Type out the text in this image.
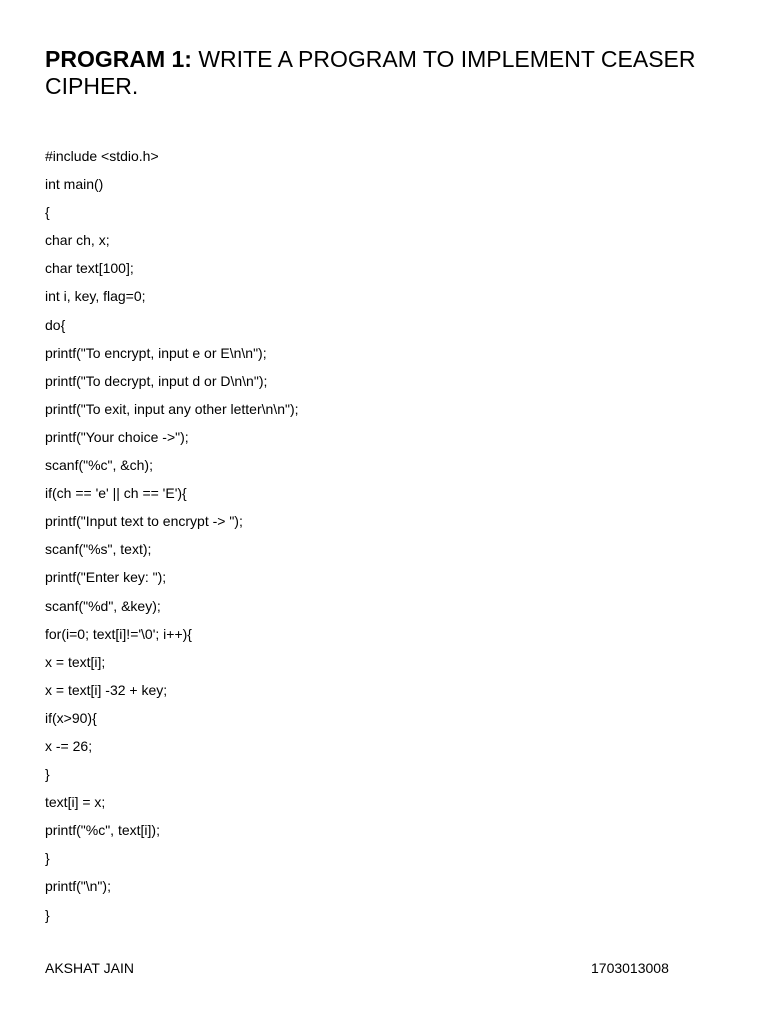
PROGRAM 1: WRITE A PROGRAM TO IMPLEMENT CEASER CIPHER.
#include <stdio.h>
int main()
{
char ch, x;
char text[100];
int i, key, flag=0;
do{
printf("To encrypt, input e or E\n\n");
printf("To decrypt, input d or D\n\n");
printf("To exit, input any other letter\n\n");
printf("Your choice ->");
scanf("%c", &ch);
if(ch == 'e' || ch == 'E'){
printf("Input text to encrypt -> ");
scanf("%s", text);
printf("Enter key: ");
scanf("%d", &key);
for(i=0; text[i]!='\0'; i++){
x = text[i];
x = text[i] -32 + key;
if(x>90){
x -= 26;
}
text[i] = x;
printf("%c", text[i]);
}
printf("\n");
}
AKSHAT JAIN	1703013008
